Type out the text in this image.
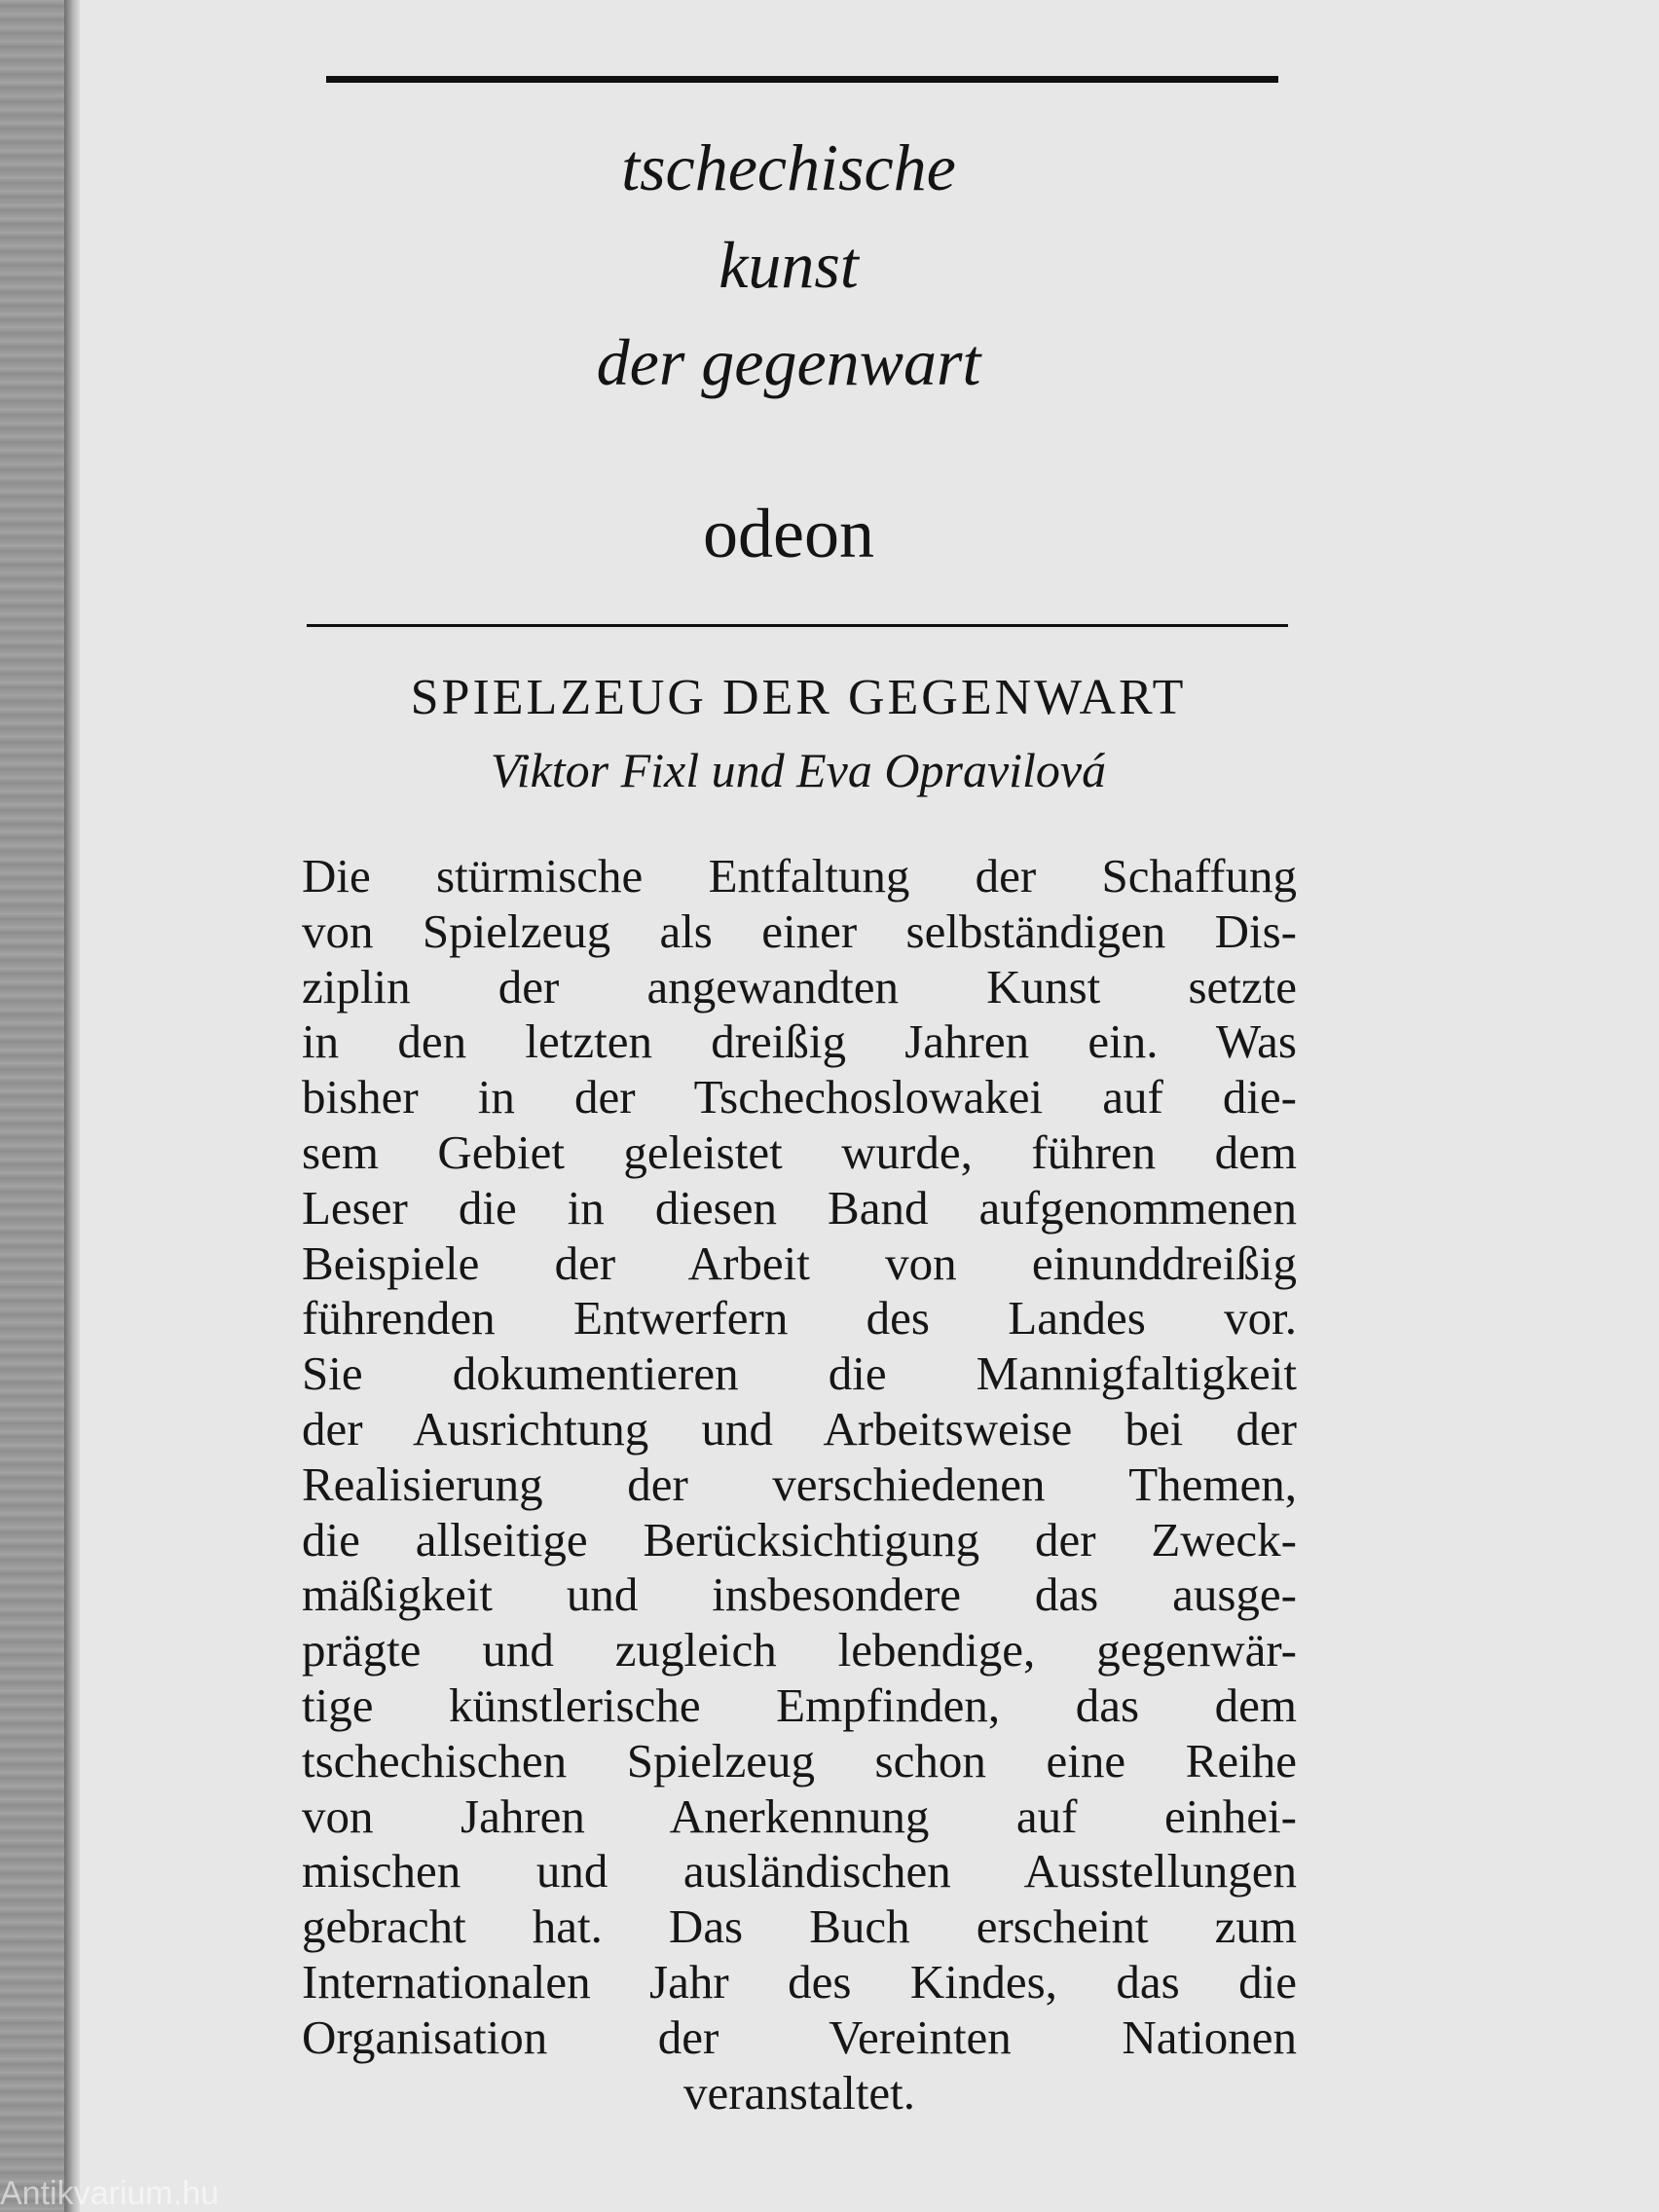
tschechische
kunst
der gegenwart
odeon
SPIELZEUG DER GEGENWART
Viktor Fixl und Eva Opravilová

Die stürmische Entfaltung der Schaffung
von Spielzeug als einer selbständigen Dis-
ziplin der angewandten Kunst setzte
in den letzten dreißig Jahren ein. Was
bisher in der Tschechoslowakei auf die-
sem Gebiet geleistet wurde, führen dem
Leser die in diesen Band aufgenommenen
Beispiele der Arbeit von einunddreißig
führenden Entwerfern des Landes vor.
Sie dokumentieren die Mannigfaltigkeit
der Ausrichtung und Arbeitsweise bei der
Realisierung der verschiedenen Themen,
die allseitige Berücksichtigung der Zweck-
mäßigkeit und insbesondere das ausge-
prägte und zugleich lebendige, gegenwär-
tige künstlerische Empfinden, das dem
tschechischen Spielzeug schon eine Reihe
von Jahren Anerkennung auf einhei-
mischen und ausländischen Ausstellungen
gebracht hat. Das Buch erscheint zum
Internationalen Jahr des Kindes, das die
Organisation der Vereinten Nationen
veranstaltet.

Antikvarium.hu
